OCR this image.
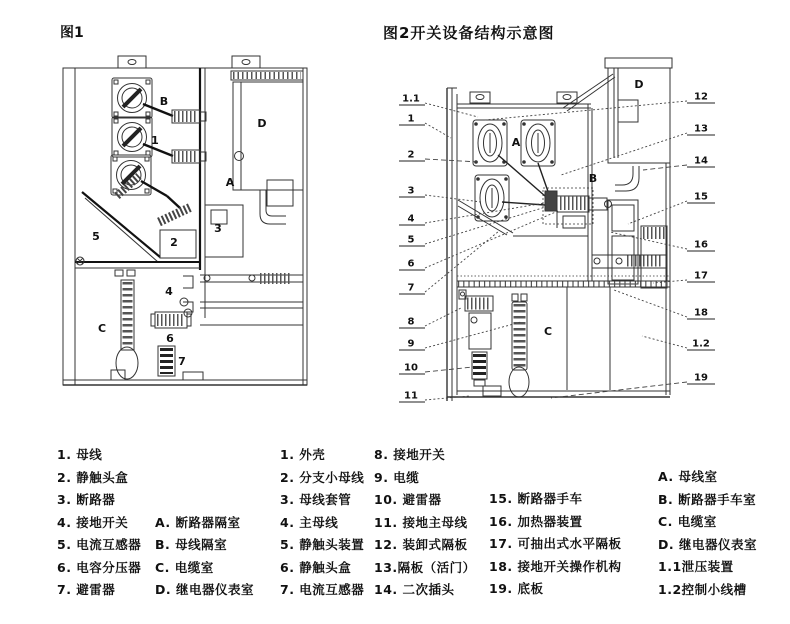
图1	图2开关设备结构示意图
B
1
D
A
3
2
5
4
C
6
7
A
B
C
D
1.1
1
2
3
4
5
6
7
8
9
10
11
12
13
14
15
16
17
18
1.2
19
1. 母线
2. 静触头盒
3. 断路器
4. 接地开关 A. 断路器隔室
5. 电流互感器 B. 母线隔室
6. 电容分压器 C. 电缆室
7. 避雷器	D. 继电器仪表室
1. 外壳
2. 分支小母线
3. 母线套管
4. 主母线
5. 静触头装置
6. 静触头盒
7. 电流互感器
8. 接地开关
9. 电缆
10. 避雷器
11. 接地主母线
12. 装卸式隔板
13.隔板（活门）
14. 二次插头
15. 断路器手车
16. 加热器装置
17. 可抽出式水平隔板
18. 接地开关操作机构
19. 底板
A. 母线室
B. 断路器手车室
C. 电缆室
D. 继电器仪表室
1.1泄压装置
1.2控制小线槽
